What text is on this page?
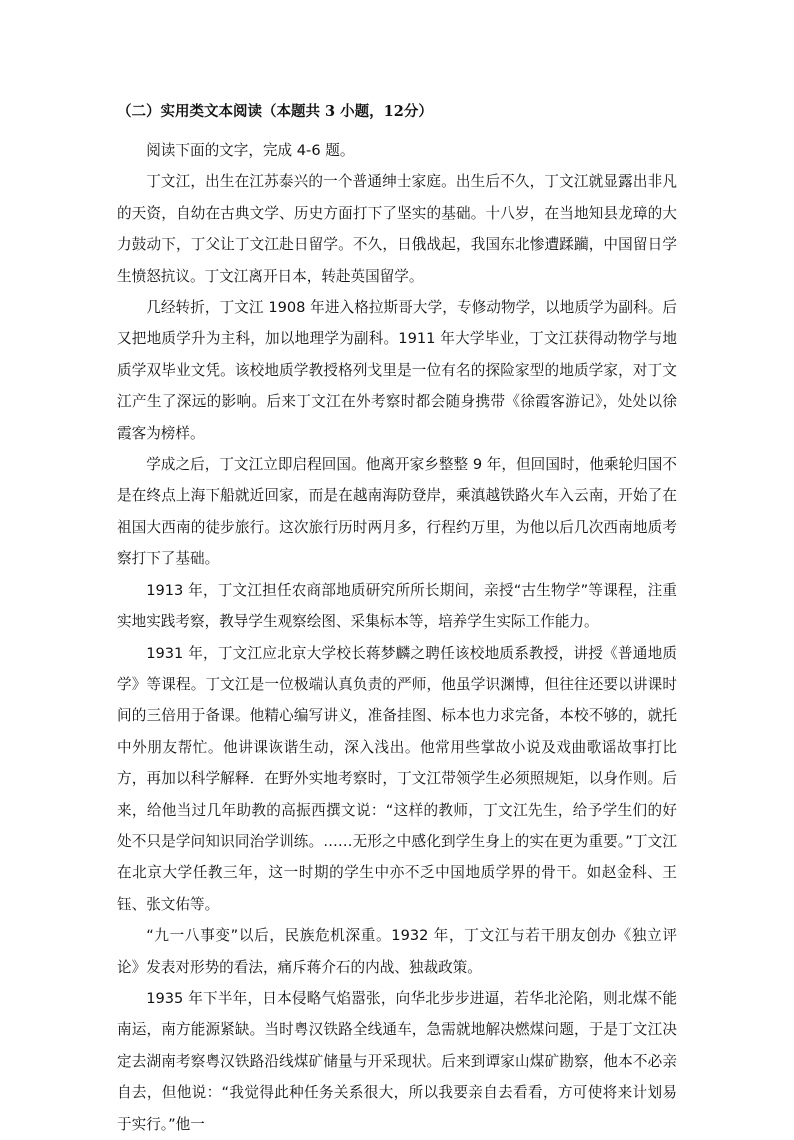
（二）实用类文本阅读（本题共 3 小题，12分）

阅读下面的文字，完成 4-6 题。

丁文江，出生在江苏泰兴的一个普通绅士家庭。出生后不久，丁文江就显露出非凡的天资，自幼在古典文学、历史方面打下了坚实的基础。十八岁，在当地知县龙璋的大力鼓动下，丁父让丁文江赴日留学。不久，日俄战起，我国东北惨遭蹂躏，中国留日学生愤怒抗议。丁文江离开日本，转赴英国留学。

几经转折，丁文江 1908 年进入格拉斯哥大学，专修动物学，以地质学为副科。后又把地质学升为主科，加以地理学为副科。1911 年大学毕业，丁文江获得动物学与地质学双毕业文凭。该校地质学教授格列戈里是一位有名的探险家型的地质学家，对丁文江产生了深远的影响。后来丁文江在外考察时都会随身携带《徐霞客游记》，处处以徐霞客为榜样。

学成之后，丁文江立即启程回国。他离开家乡整整 9 年，但回国时，他乘轮归国不是在终点上海下船就近回家，而是在越南海防登岸，乘滇越铁路火车入云南，开始了在祖国大西南的徒步旅行。这次旅行历时两月多，行程约万里，为他以后几次西南地质考察打下了基础。

1913 年，丁文江担任农商部地质研究所所长期间，亲授“古生物学”等课程，注重实地实践考察，教导学生观察绘图、采集标本等，培养学生实际工作能力。

1931 年，丁文江应北京大学校长蒋梦麟之聘任该校地质系教授，讲授《普通地质学》等课程。丁文江是一位极端认真负责的严师，他虽学识渊博，但往往还要以讲课时间的三倍用于备课。他精心编写讲义，准备挂图、标本也力求完备，本校不够的，就托中外朋友帮忙。他讲课诙谐生动，深入浅出。他常用些掌故小说及戏曲歌谣故事打比方，再加以科学解释．在野外实地考察时，丁文江带领学生必须照规矩，以身作则。后来，给他当过几年助教的高振西撰文说：“这样的教师，丁文江先生，给予学生们的好处不只是学问知识同治学训练。……无形之中感化到学生身上的实在更为重要。”丁文江在北京大学任教三年，这一时期的学生中亦不乏中国地质学界的骨干。如赵金科、王钰、张文佑等。

“九一八事变”以后，民族危机深重。1932 年，丁文江与若干朋友创办《独立评论》发表对形势的看法，痛斥蒋介石的内战、独裁政策。

1935 年下半年，日本侵略气焰嚣张，向华北步步进逼，若华北沦陷，则北煤不能南运，南方能源紧缺。当时粤汉铁路全线通车，急需就地解决燃煤问题，于是丁文江决定去湖南考察粤汉铁路沿线煤矿储量与开采现状。后来到谭家山煤矿勘察，他本不必亲自去，但他说：“我觉得此种任务关系很大，所以我要亲自去看看，方可使将来计划易于实行。”他一
